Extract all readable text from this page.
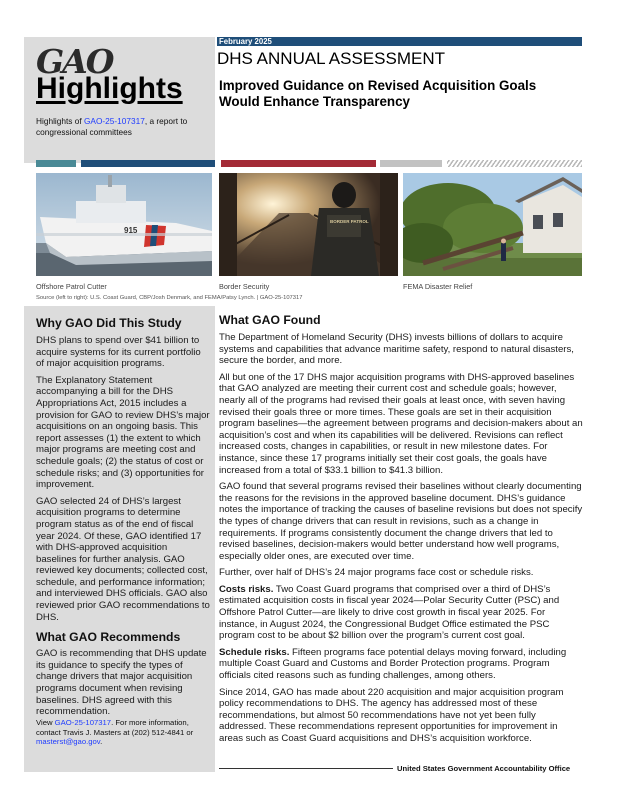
GAO
Highlights
Highlights of GAO-25-107317, a report to congressional committees
February 2025
DHS ANNUAL ASSESSMENT
Improved Guidance on Revised Acquisition Goals Would Enhance Transparency
915
BORDER PATROL
Offshore Patrol Cutter	Border Security	FEMA Disaster Relief
Source (left to right): U.S. Coast Guard, CBP/Josh Denmark, and FEMA/Patsy Lynch. | GAO-25-107317
Why GAO Did This Study

DHS plans to spend over $41 billion to acquire systems for its current portfolio of major acquisition programs.

The Explanatory Statement accompanying a bill for the DHS Appropriations Act, 2015 includes a provision for GAO to review DHS’s major acquisitions on an ongoing basis. This report assesses (1) the extent to which major programs are meeting cost and schedule goals; (2) the status of cost or schedule risks; and (3) opportunities for improvement.

GAO selected 24 of DHS’s largest acquisition programs to determine program status as of the end of fiscal year 2024. Of these, GAO identified 17 with DHS-approved acquisition baselines for further analysis. GAO reviewed key documents; collected cost, schedule, and performance information; and interviewed DHS officials. GAO also reviewed prior GAO recommendations to DHS.

What GAO Recommends

GAO is recommending that DHS update its guidance to specify the types of change drivers that major acquisition programs document when revising baselines. DHS agreed with this recommendation.

View GAO-25-107317. For more information, contact Travis J. Masters at (202) 512-4841 or masterst@gao.gov.
What GAO Found

The Department of Homeland Security (DHS) invests billions of dollars to acquire systems and capabilities that advance maritime safety, respond to natural disasters, secure the border, and more.

All but one of the 17 DHS major acquisition programs with DHS-approved baselines that GAO analyzed are meeting their current cost and schedule goals; however, nearly all of the programs had revised their goals at least once, with seven having revised their goals three or more times. These goals are set in their acquisition program baselines—the agreement between programs and decision-makers about an acquisition’s cost and when its capabilities will be delivered. Revisions can reflect increased costs, changes in capabilities, or result in new milestone dates. For instance, since these 17 programs initially set their cost goals, the goals have increased from a total of $33.1 billion to $41.3 billion.

GAO found that several programs revised their baselines without clearly documenting the reasons for the revisions in the approved baseline document. DHS’s guidance notes the importance of tracking the causes of baseline revisions but does not specify the types of change drivers that can result in revisions, such as a change in requirements. If programs consistently document the change drivers that led to revised baselines, decision-makers would better understand how well programs, especially older ones, are executed over time.

Further, over half of DHS’s 24 major programs face cost or schedule risks.

Costs risks. Two Coast Guard programs that comprised over a third of DHS’s estimated acquisition costs in fiscal year 2024—Polar Security Cutter (PSC) and Offshore Patrol Cutter—are likely to drive cost growth in fiscal year 2025. For instance, in August 2024, the Congressional Budget Office estimated the PSC program cost to be about $2 billion over the program’s current cost goal.

Schedule risks. Fifteen programs face potential delays moving forward, including multiple Coast Guard and Customs and Border Protection programs. Program officials cited reasons such as funding challenges, among others.

Since 2014, GAO has made about 220 acquisition and major acquisition program policy recommendations to DHS. The agency has addressed most of these recommendations, but almost 50 recommendations have not yet been fully addressed. These recommendations represent opportunities for improvement in areas such as Coast Guard acquisitions and DHS’s acquisition workforce.

United States Government Accountability Office
